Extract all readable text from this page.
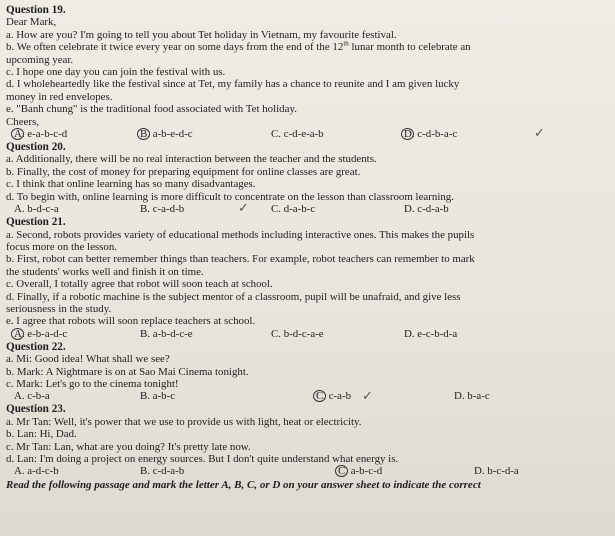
Question 19.
Dear Mark,
a. How are you? I'm going to tell you about Tet holiday in Vietnam, my favourite festival.
b. We often celebrate it twice every year on some days from the end of the 12th lunar month to celebrate an
upcoming year.
c. I hope one day you can join the festival with us.
d. I wholeheartedly like the festival since at Tet, my family has a chance to reunite and I am given lucky
money in red envelopes.
e. "Banh chung" is the traditional food associated with Tet holiday.
Cheers,
A. e-a-b-c-d	B. a-b-e-d-c	C. c-d-e-a-b	D. c-d-b-a-c	✓
Question 20.
a. Additionally, there will be no real interaction between the teacher and the students.
b. Finally, the cost of money for preparing equipment for online classes are great.
c. I think that online learning has so many disadvantages.
d. To begin with, online learning is more difficult to concentrate on the lesson than classroom learning.
A. b-d-c-a	B. c-a-d-b	✓ C. d-a-b-c	D. c-d-a-b
Question 21.
a. Second, robots provides variety of educational methods including interactive ones. This makes the pupils
focus more on the lesson.
b. First, robot can better remember things than teachers. For example, robot teachers can remember to mark
the students' works well and finish it on time.
c. Overall, I totally agree that robot will soon teach at school.
d. Finally, if a robotic machine is the subject mentor of a classroom, pupil will be unafraid, and give less
seriousness in the study.
e. I agree that robots will soon replace teachers at school.
A. e-b-a-d-c	B. a-b-d-c-e	C. b-d-c-a-e	D. e-c-b-d-a
Question 22.
a. Mi: Good idea! What shall we see?
b. Mark: A Nightmare is on at Sao Mai Cinema tonight.
c. Mark: Let's go to the cinema tonight!
A. c-b-a	B. a-b-c	C. c-a-b ✓	D. b-a-c
Question 23.
a. Mr Tan: Well, it's power that we use to provide us with light, heat or electricity.
b. Lan: Hi, Dad.
c. Mr Tan: Lan, what are you doing? It's pretty late now.
d. Lan: I'm doing a project on energy sources. But I don't quite understand what energy is.
A. a-d-c-b	B. c-d-a-b	C. a-b-c-d	D. b-c-d-a
Read the following passage and mark the letter A, B, C, or D on your answer sheet to indicate the correct
